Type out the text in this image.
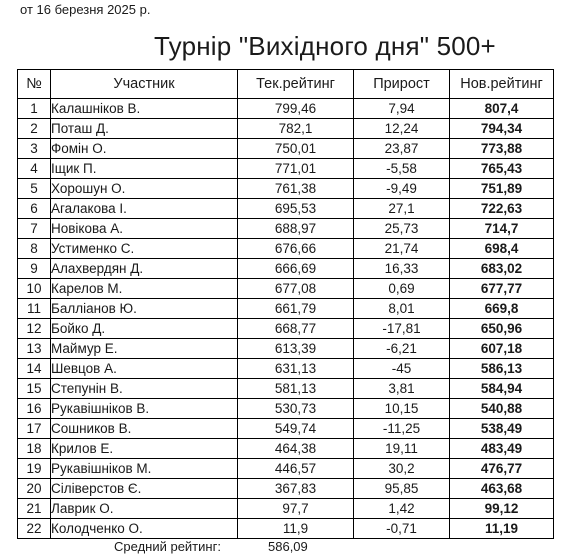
от 16 березня 2025 р.
Турнір "Вихідного дня" 500+
№	Участник	Тек.рейтинг	Прирост	Нов.рейтинг
1	Калашніков В.	799,46	7,94	807,4
2	Поташ Д.	782,1	12,24	794,34
3	Фомін О.	750,01	23,87	773,88
4	Іщик П.	771,01	-5,58	765,43
5	Хорошун О.	761,38	-9,49	751,89
6	Агалакова І.	695,53	27,1	722,63
7	Новікова А.	688,97	25,73	714,7
8	Устименко С.	676,66	21,74	698,4
9	Алахвердян Д.	666,69	16,33	683,02
10	Карелов М.	677,08	0,69	677,77
11	Балліанов Ю.	661,79	8,01	669,8
12	Бойко Д.	668,77	-17,81	650,96
13	Маймур Е.	613,39	-6,21	607,18
14	Шевцов А.	631,13	-45	586,13
15	Степунін В.	581,13	3,81	584,94
16	Рукавішніков В.	530,73	10,15	540,88
17	Сошников В.	549,74	-11,25	538,49
18	Крилов Е.	464,38	19,11	483,49
19	Рукавішніков М.	446,57	30,2	476,77
20	Сіліверстов Є.	367,83	95,85	463,68
21	Лаврик О.	97,7	1,42	99,12
22	Колодченко О.	11,9	-0,71	11,19
Средний рейтинг:	586,09
